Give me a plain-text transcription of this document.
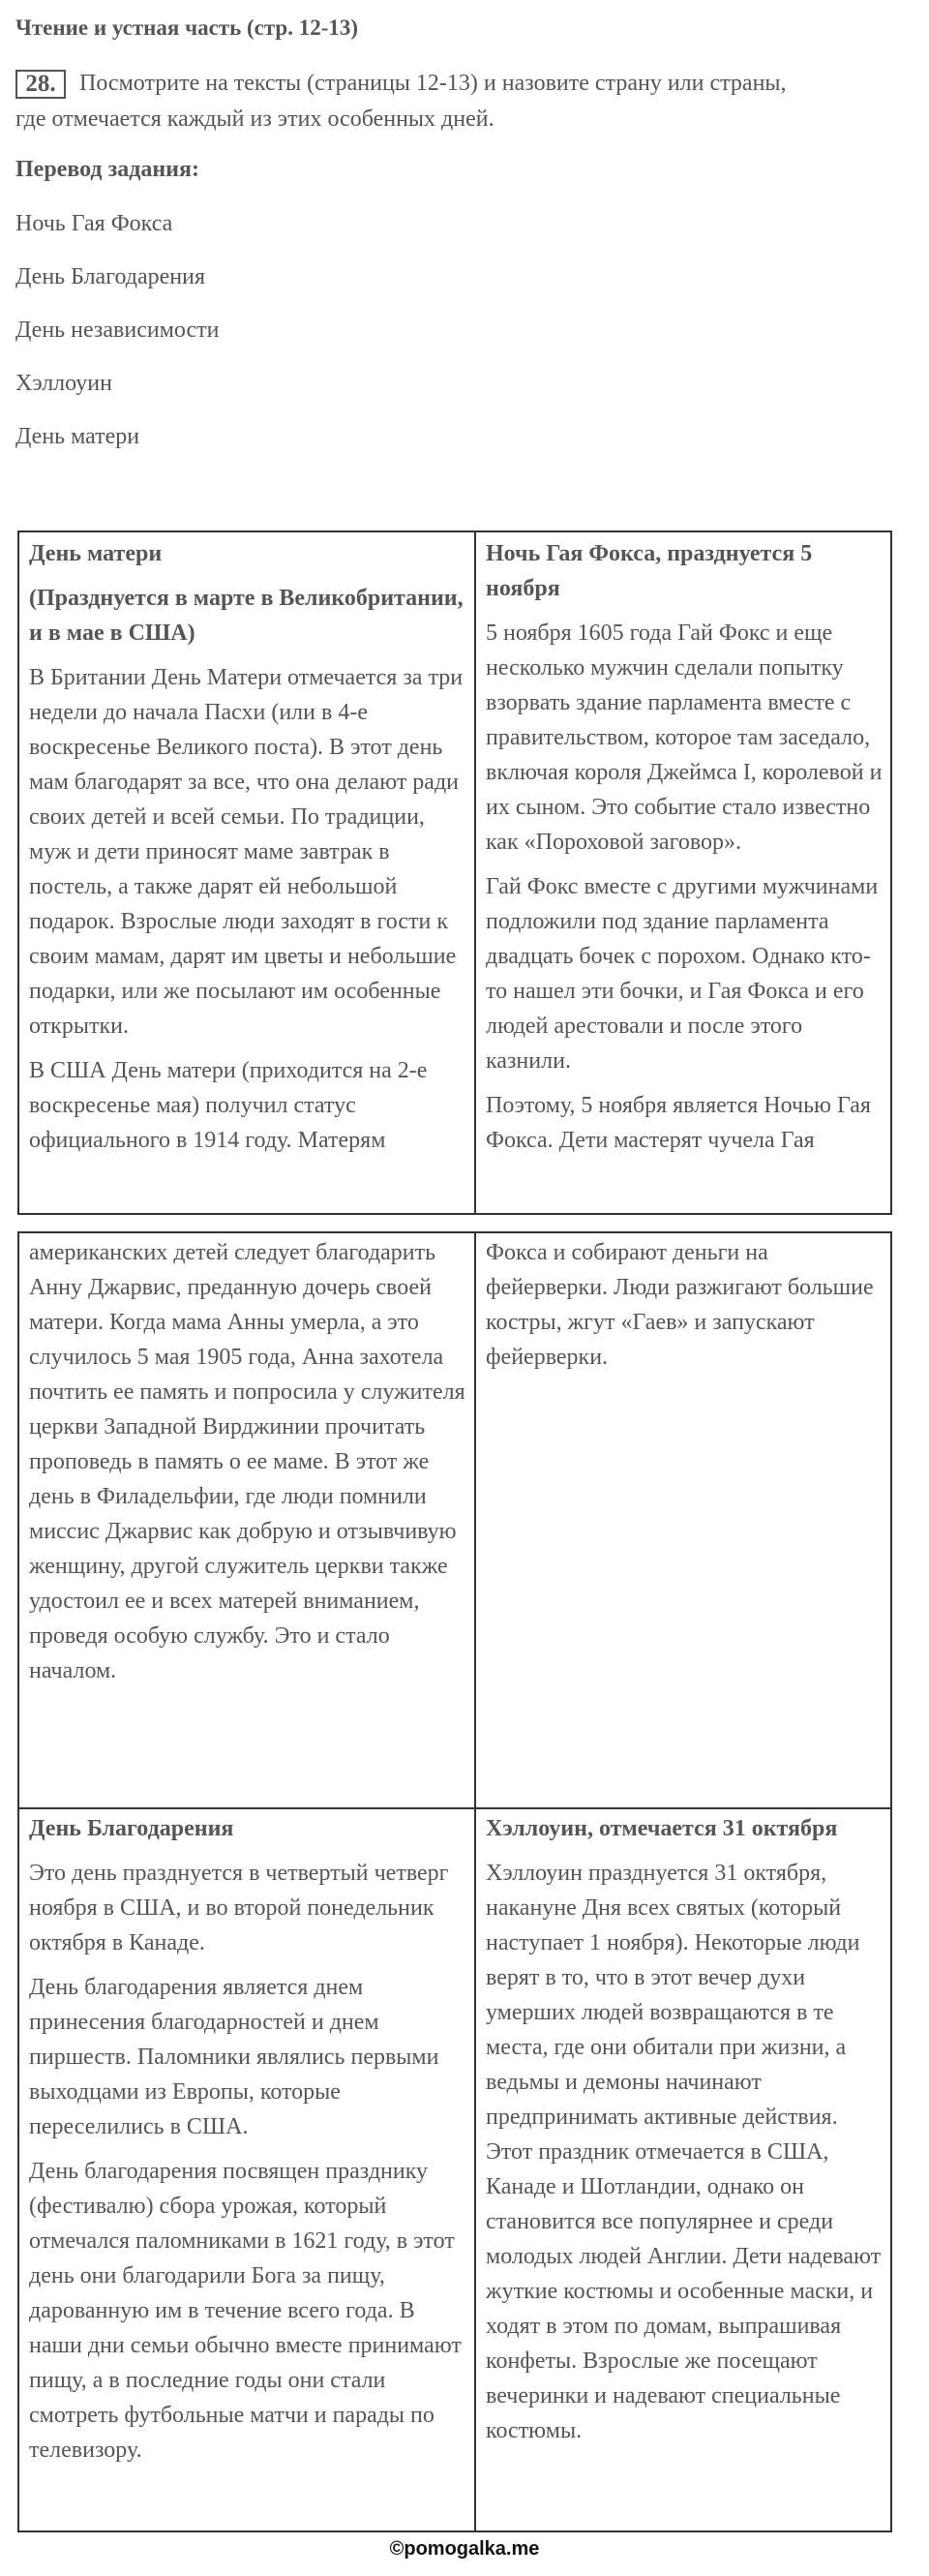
Чтение и устная часть (стр. 12-13)
28.	Посмотрите на тексты (страницы 12-13) и назовите страну или страны,
где отмечается каждый из этих особенных дней.
Перевод задания:
Ночь Гая Фокса
День Благодарения
День независимости
Хэллоуин
День матери

День матери

(Празднуется в марте в Великобритании, и в мае в США)

В Британии День Матери отмечается за три недели до начала Пасхи (или в 4-е воскресенье Великого поста). В этот день мам благодарят за все, что она делают ради своих детей и всей семьи. По традиции, муж и дети приносят маме завтрак в постель, а также дарят ей небольшой подарок. Взрослые люди заходят в гости к своим мамам, дарят им цветы и небольшие подарки, или же посылают им особенные открытки.

В США День матери (приходится на 2-е воскресенье мая) получил статус официального в 1914 году. Матерям

Ночь Гая Фокса, празднуется 5 ноября

5 ноября 1605 года Гай Фокс и еще несколько мужчин сделали попытку взорвать здание парламента вместе с правительством, которое там заседало, включая короля Джеймса I, королевой и их сыном. Это событие стало известно как «Пороховой заговор».

Гай Фокс вместе с другими мужчинами подложили под здание парламента двадцать бочек с порохом. Однако кто-то нашел эти бочки, и Гая Фокса и его людей арестовали и после этого казнили.

Поэтому, 5 ноября является Ночью Гая Фокса. Дети мастерят чучела Гая

американских детей следует благодарить Анну Джарвис, преданную дочерь своей матери. Когда мама Анны умерла, а это случилось 5 мая 1905 года, Анна захотела почтить ее память и попросила у служителя церкви Западной Вирджинии прочитать проповедь в память о ее маме. В этот же день в Филадельфии, где люди помнили миссис Джарвис как добрую и отзывчивую женщину, другой служитель церкви также удостоил ее и всех матерей вниманием, проведя особую службу. Это и стало началом.

Фокса и собирают деньги на фейерверки. Люди разжигают большие костры, жгут «Гаев» и запускают фейерверки.

День Благодарения

Это день празднуется в четвертый четверг ноября в США, и во второй понедельник октября в Канаде.

День благодарения является днем принесения благодарностей и днем пиршеств. Паломники являлись первыми выходцами из Европы, которые переселились в США.

День благодарения посвящен празднику (фестивалю) сбора урожая, который отмечался паломниками в 1621 году, в этот день они благодарили Бога за пищу, дарованную им в течение всего года. В наши дни семьи обычно вместе принимают пищу, а в последние годы они стали смотреть футбольные матчи и парады по телевизору.

Хэллоуин, отмечается 31 октября

Хэллоуин празднуется 31 октября, накануне Дня всех святых (который наступает 1 ноября). Некоторые люди верят в то, что в этот вечер духи умерших людей возвращаются в те места, где они обитали при жизни, а ведьмы и демоны начинают предпринимать активные действия. Этот праздник отмечается в США, Канаде и Шотландии, однако он становится все популярнее и среди молодых людей Англии. Дети надевают жуткие костюмы и особенные маски, и ходят в этом по домам, выпрашивая конфеты. Взрослые же посещают вечеринки и надевают специальные костюмы.

©pomogalka.me
